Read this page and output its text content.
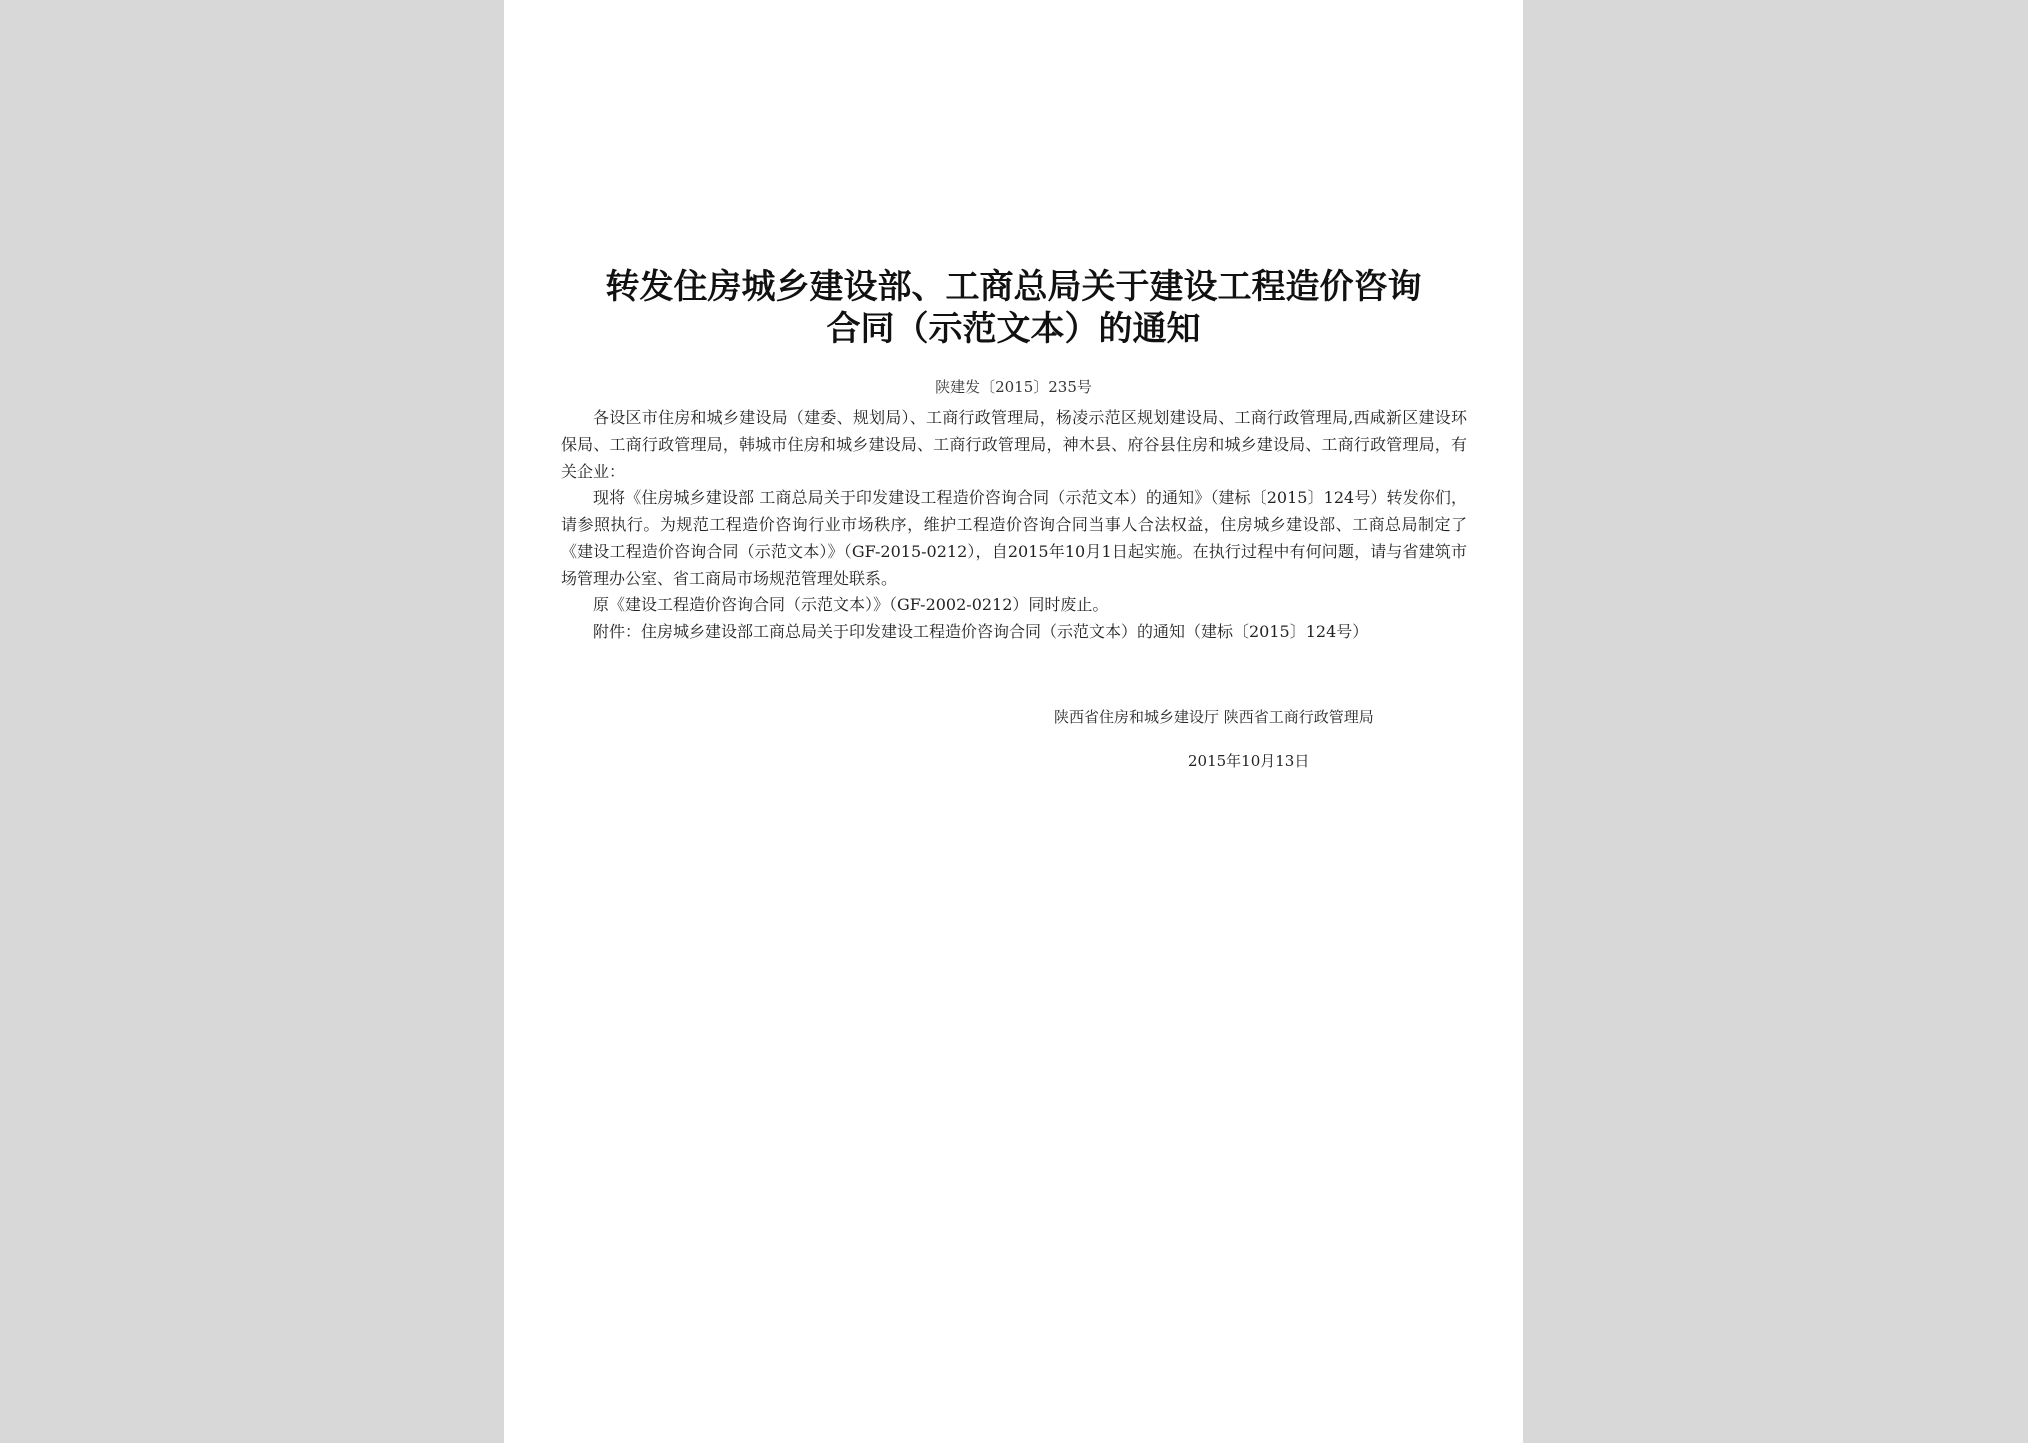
转发住房城乡建设部、工商总局关于建设工程造价咨询
合同（示范文本）的通知
陕建发〔2015〕235号

各设区市住房和城乡建设局（建委、规划局）、工商行政管理局，杨凌示范区规划建设局、工商行政管理局,西咸新区建设环保局、工商行政管理局，韩城市住房和城乡建设局、工商行政管理局，神木县、府谷县住房和城乡建设局、工商行政管理局，有关企业：

现将《住房城乡建设部 工商总局关于印发建设工程造价咨询合同（示范文本）的通知》（建标〔2015〕124号）转发你们，请参照执行。为规范工程造价咨询行业市场秩序，维护工程造价咨询合同当事人合法权益，住房城乡建设部、工商总局制定了《建设工程造价咨询合同（示范文本）》（GF-2015-0212），自2015年10月1日起实施。在执行过程中有何问题，请与省建筑市场管理办公室、省工商局市场规范管理处联系。

原《建设工程造价咨询合同（示范文本）》（GF-2002-0212）同时废止。

附件：住房城乡建设部工商总局关于印发建设工程造价咨询合同（示范文本）的通知（建标〔2015〕124号）

陕西省住房和城乡建设厅 陕西省工商行政管理局
2015年10月13日
